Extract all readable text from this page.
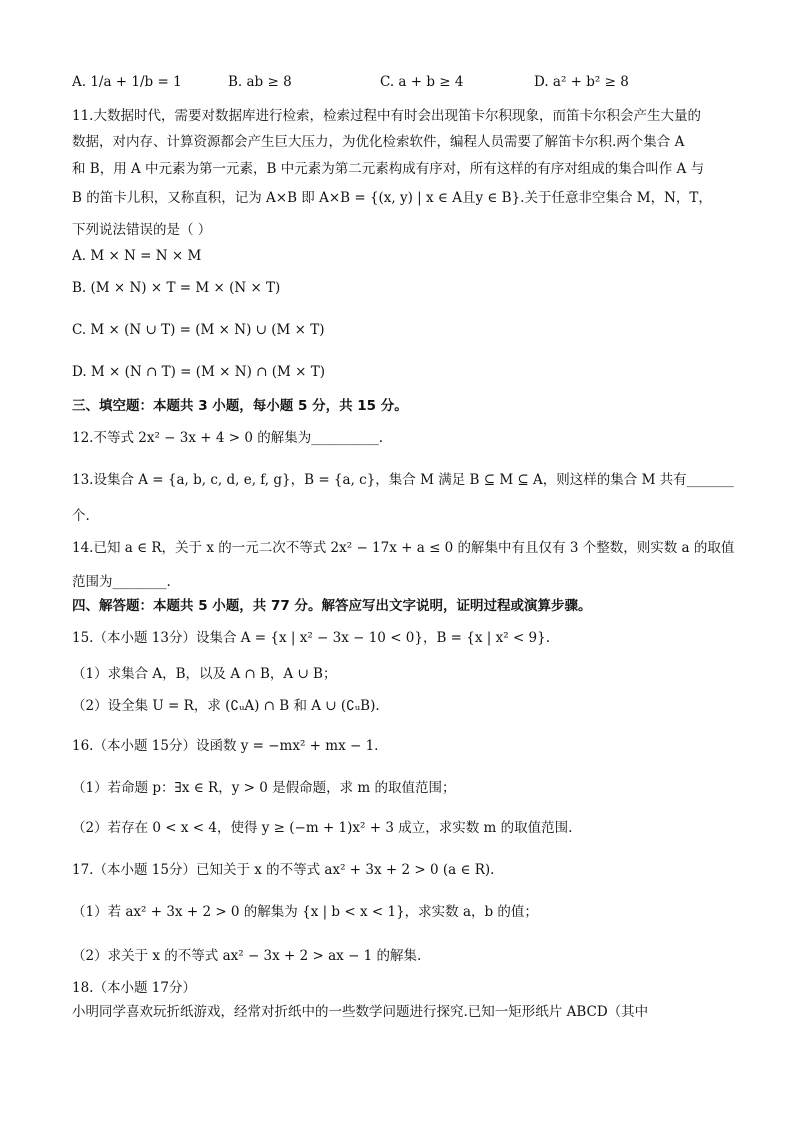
A. 1/a + 1/b = 1	B. ab ≥ 8	C. a + b ≥ 4	D. a² + b² ≥ 8
11.大数据时代，需要对数据库进行检索，检索过程中有时会出现笛卡尔积现象，而笛卡尔积会产生大量的
数据，对内存、计算资源都会产生巨大压力，为优化检索软件，编程人员需要了解笛卡尔积.两个集合 A
和 B，用 A 中元素为第一元素，B 中元素为第二元素构成有序对，所有这样的有序对组成的集合叫作 A 与
B 的笛卡儿积，又称直积，记为 A×B 即 A×B = {(x, y) | x ∈ A且y ∈ B}.关于任意非空集合 M，N，T，
下列说法错误的是（ ）
A. M × N = N × M
B. (M × N) × T = M × (N × T)
C. M × (N ∪ T) = (M × N) ∪ (M × T)
D. M × (N ∩ T) = (M × N) ∩ (M × T)
三、填空题：本题共 3 小题，每小题 5 分，共 15 分。
12.不等式 2x² − 3x + 4 > 0 的解集为__________.
13.设集合 A = {a, b, c, d, e, f, g}，B = {a, c}，集合 M 满足 B ⊆ M ⊆ A，则这样的集合 M 共有_______
个.
14.已知 a ∈ R，关于 x 的一元二次不等式 2x² − 17x + a ≤ 0 的解集中有且仅有 3 个整数，则实数 a 的取值
范围为________.
四、解答题：本题共 5 小题，共 77 分。解答应写出文字说明，证明过程或演算步骤。
15.（本小题 13分）设集合 A = {x | x² − 3x − 10 < 0}，B = {x | x² < 9}.
（1）求集合 A，B，以及 A ∩ B，A ∪ B；
（2）设全集 U = R，求 (∁ᵤA) ∩ B 和 A ∪ (∁ᵤB).
16.（本小题 15分）设函数 y = −mx² + mx − 1.
（1）若命题 p：∃x ∈ R，y > 0 是假命题，求 m 的取值范围；
（2）若存在 0 < x < 4，使得 y ≥ (−m + 1)x² + 3 成立，求实数 m 的取值范围.
17.（本小题 15分）已知关于 x 的不等式 ax² + 3x + 2 > 0 (a ∈ R).
（1）若 ax² + 3x + 2 > 0 的解集为 {x | b < x < 1}，求实数 a，b 的值；
（2）求关于 x 的不等式 ax² − 3x + 2 > ax − 1 的解集.
18.（本小题 17分）
小明同学喜欢玩折纸游戏，经常对折纸中的一些数学问题进行探究.已知一矩形纸片 ABCD（其中
